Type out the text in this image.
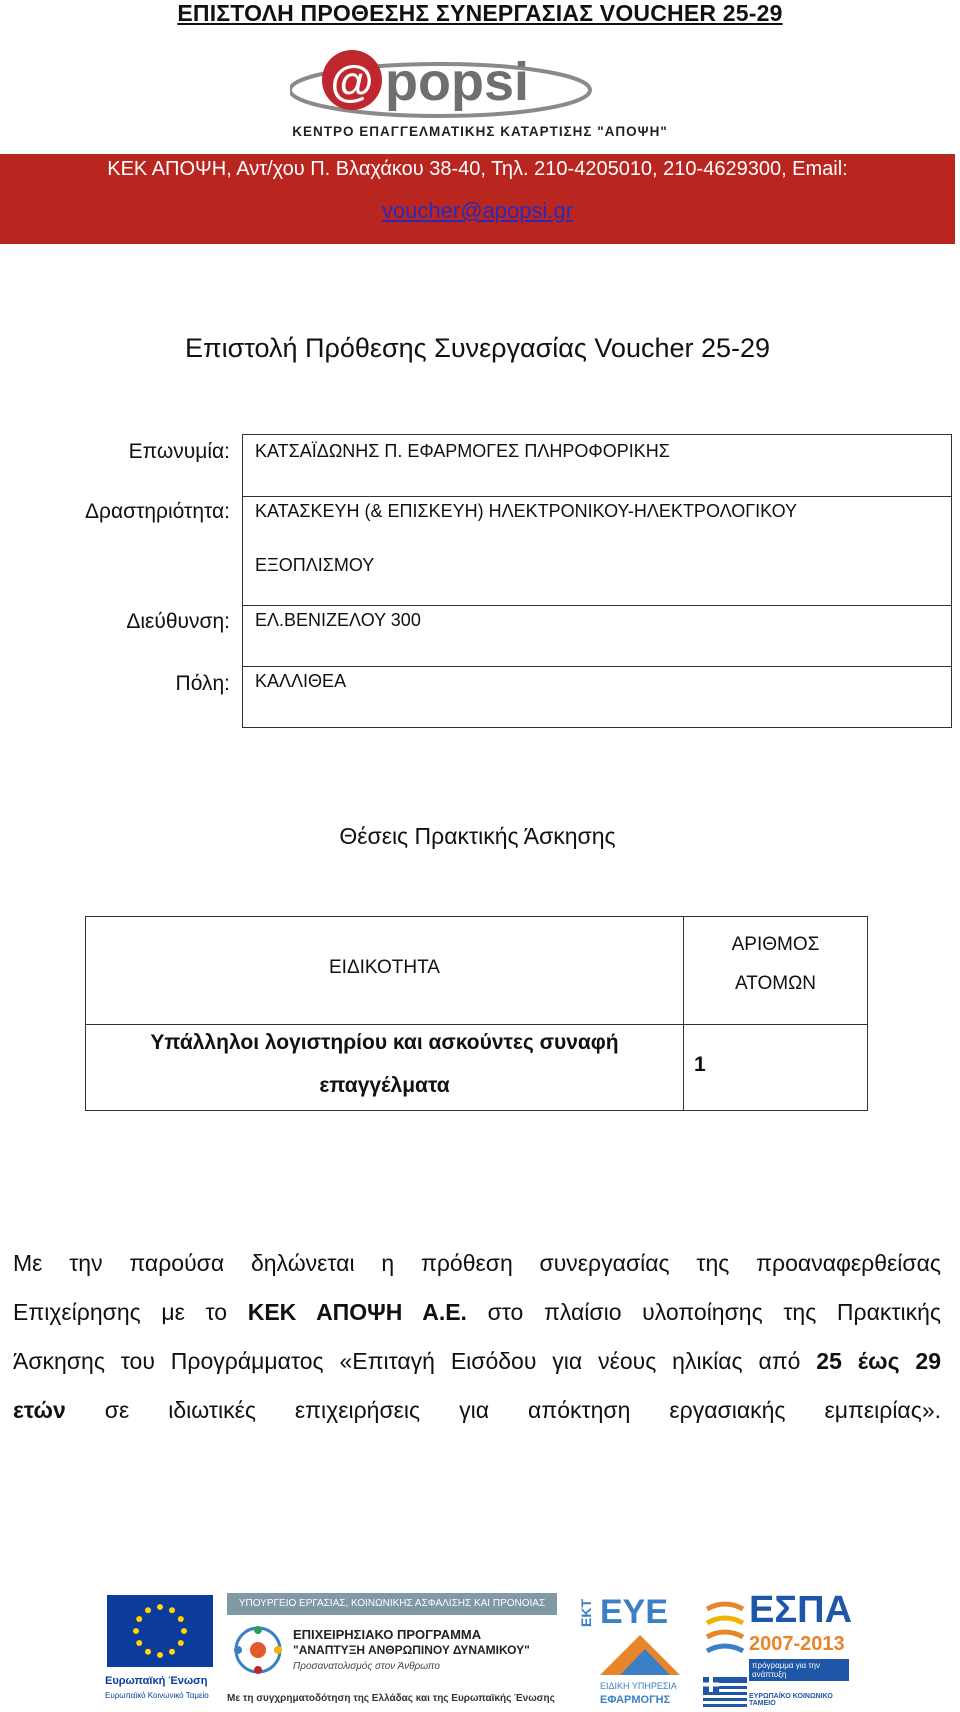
ΕΠΙΣΤΟΛΗ ΠΡΟΘΕΣΗΣ ΣΥΝΕΡΓΑΣΙΑΣ VOUCHER 25-29
@ popsi
ΚΕΝΤΡΟ ΕΠΑΓΓΕΛΜΑΤΙΚΗΣ ΚΑΤΑΡΤΙΣΗΣ "ΑΠΟΨΗ"
ΚΕΚ ΑΠΟΨΗ, Αντ/χου Π. Βλαχάκου 38-40, Τηλ. 210-4205010, 210-4629300, Email:
voucher@apopsi.gr
Επιστολή Πρόθεσης Συνεργασίας Voucher 25-29
Επωνυμία: ΚΑΤΣΑΪΔΩΝΗΣ Π. ΕΦΑΡΜΟΓΕΣ ΠΛΗΡΟΦΟΡΙΚΗΣ
Δραστηριότητα: ΚΑΤΑΣΚΕΥΗ (& ΕΠΙΣΚΕΥΗ) ΗΛΕΚΤΡΟΝΙΚΟΥ-ΗΛΕΚΤΡΟΛΟΓΙΚΟΥ
ΕΞΟΠΛΙΣΜΟΥ
Διεύθυνση: ΕΛ.ΒΕΝΙΖΕΛΟΥ 300
Πόλη: ΚΑΛΛΙΘΕΑ
Θέσεις Πρακτικής Άσκησης
ΕΙΔΙΚΟΤΗΤΑ
ΑΡΙΘΜΟΣ
ΑΤΟΜΩΝ
Υπάλληλοι λογιστηρίου και ασκούντες συναφή
επαγγέλματα
1
Με την παρούσα δηλώνεται η πρόθεση συνεργασίας της προαναφερθείσας
Επιχείρησης με το ΚΕΚ ΑΠΟΨΗ Α.Ε. στο πλαίσιο υλοποίησης της Πρακτικής
Άσκησης του Προγράμματος «Επιταγή Εισόδου για νέους ηλικίας από 25 έως 29
ετών σε ιδιωτικές επιχειρήσεις για απόκτηση εργασιακής εμπειρίας».
Ευρωπαϊκή Ένωση
Ευρωπαϊκό Κοινωνικό Ταμείο
ΥΠΟΥΡΓΕΙΟ ΕΡΓΑΣΙΑΣ, ΚΟΙΝΩΝΙΚΗΣ ΑΣΦΑΛΙΣΗΣ ΚΑΙ ΠΡΟΝΟΙΑΣ
ΕΠΙΧΕΙΡΗΣΙΑΚΟ ΠΡΟΓΡΑΜΜΑ
"ΑΝΑΠΤΥΞΗ ΑΝΘΡΩΠΙΝΟΥ ΔΥΝΑΜΙΚΟΥ"
Προσανατολισμός στον Άνθρωπο
Με τη συγχρηματοδότηση της Ελλάδας και της Ευρωπαϊκής Ένωσης
ΕΚΤ ΕΥΕ
ΕΙΔΙΚΗ ΥΠΗΡΕΣΙΑ
ΕΦΑΡΜΟΓΗΣ
ΕΣΠΑ
2007-2013
πρόγραμμα για την ανάπτυξη
ΕΥΡΩΠΑΪΚΟ ΚΟΙΝΩΝΙΚΟ ΤΑΜΕΙΟ
